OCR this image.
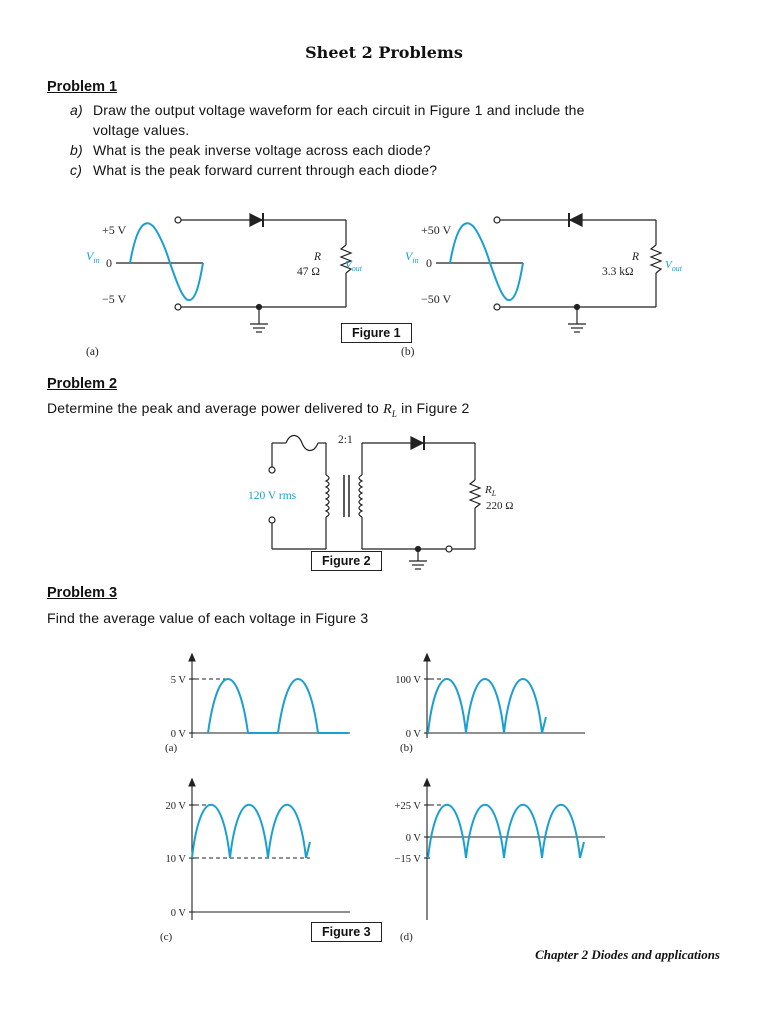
Sheet 2 Problems
Problem 1
a) Draw the output voltage waveform for each circuit in Figure 1 and include the
voltage values.
b) What is the peak inverse voltage across each diode?
c) What is the peak forward current through each diode?
+5 V
$V_{in}$ 0
−5 V
R
47 Ω
$V_{out}$
(a)
+50 V
$V_{in}$ 0
−50 V
R
3.3 kΩ
$V_{out}$
(b)
Figure 1
Problem 2
Determine the peak and average power delivered to $R_L$ in Figure 2
2:1
120 V rms	$R_L$
220 Ω
Figure 2
Problem 3
Find the average value of each voltage in Figure 3
5 V
0 V
(a)
100 V
0 V
(b)
20 V
10 V
0 V
(c)
+25 V
0 V
−15 V
(d)
Figure 3
Chapter 2 Diodes and applications
